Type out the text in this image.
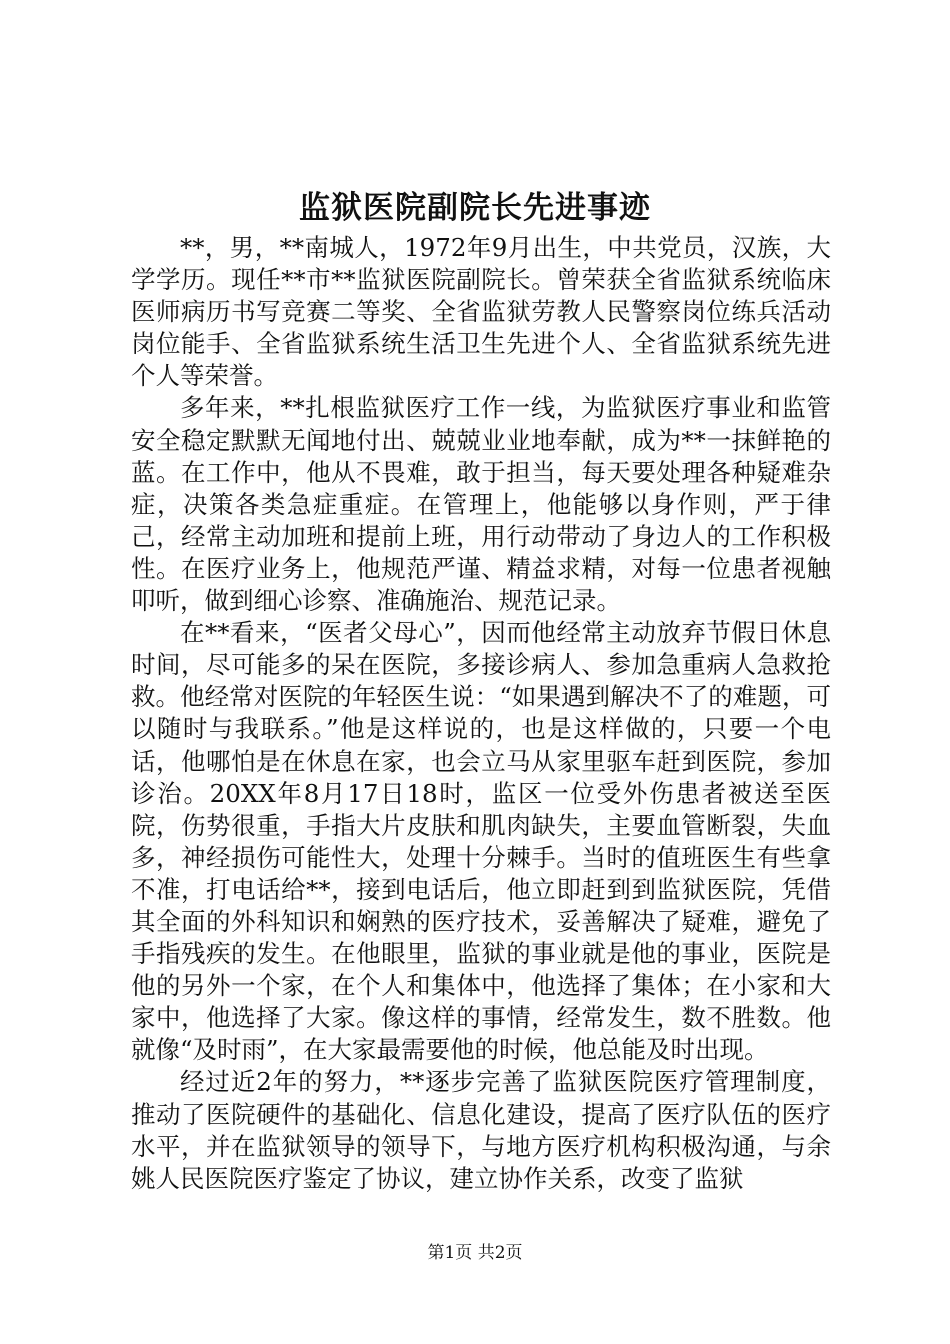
监狱医院副院长先进事迹

**，男，**南城人，1972年9月出生，中共党员，汉族，大学学历。现任**市**监狱医院副院长。曾荣获全省监狱系统临床医师病历书写竞赛二等奖、全省监狱劳教人民警察岗位练兵活动岗位能手、全省监狱系统生活卫生先进个人、全省监狱系统先进个人等荣誉。

多年来，**扎根监狱医疗工作一线，为监狱医疗事业和监管安全稳定默默无闻地付出、兢兢业业地奉献，成为**一抹鲜艳的蓝。在工作中，他从不畏难，敢于担当，每天要处理各种疑难杂症，决策各类急症重症。在管理上，他能够以身作则，严于律己，经常主动加班和提前上班，用行动带动了身边人的工作积极性。在医疗业务上，他规范严谨、精益求精，对每一位患者视触叩听，做到细心诊察、准确施治、规范记录。

在**看来，“医者父母心”，因而他经常主动放弃节假日休息时间，尽可能多的呆在医院，多接诊病人、参加急重病人急救抢救。他经常对医院的年轻医生说：“如果遇到解决不了的难题，可以随时与我联系。”他是这样说的，也是这样做的，只要一个电话，他哪怕是在休息在家，也会立马从家里驱车赶到医院，参加诊治。20XX年8月17日18时，监区一位受外伤患者被送至医院，伤势很重，手指大片皮肤和肌肉缺失，主要血管断裂，失血多，神经损伤可能性大，处理十分棘手。当时的值班医生有些拿不准，打电话给**，接到电话后，他立即赶到到监狱医院，凭借其全面的外科知识和娴熟的医疗技术，妥善解决了疑难，避免了手指残疾的发生。在他眼里，监狱的事业就是他的事业，医院是他的另外一个家，在个人和集体中，他选择了集体；在小家和大家中，他选择了大家。像这样的事情，经常发生，数不胜数。他就像“及时雨”，在大家最需要他的时候，他总能及时出现。

经过近2年的努力，**逐步完善了监狱医院医疗管理制度，推动了医院硬件的基础化、信息化建设，提高了医疗队伍的医疗水平，并在监狱领导的领导下，与地方医疗机构积极沟通，与余姚人民医院医疗鉴定了协议，建立协作关系，改变了监狱

第1页 共2页
